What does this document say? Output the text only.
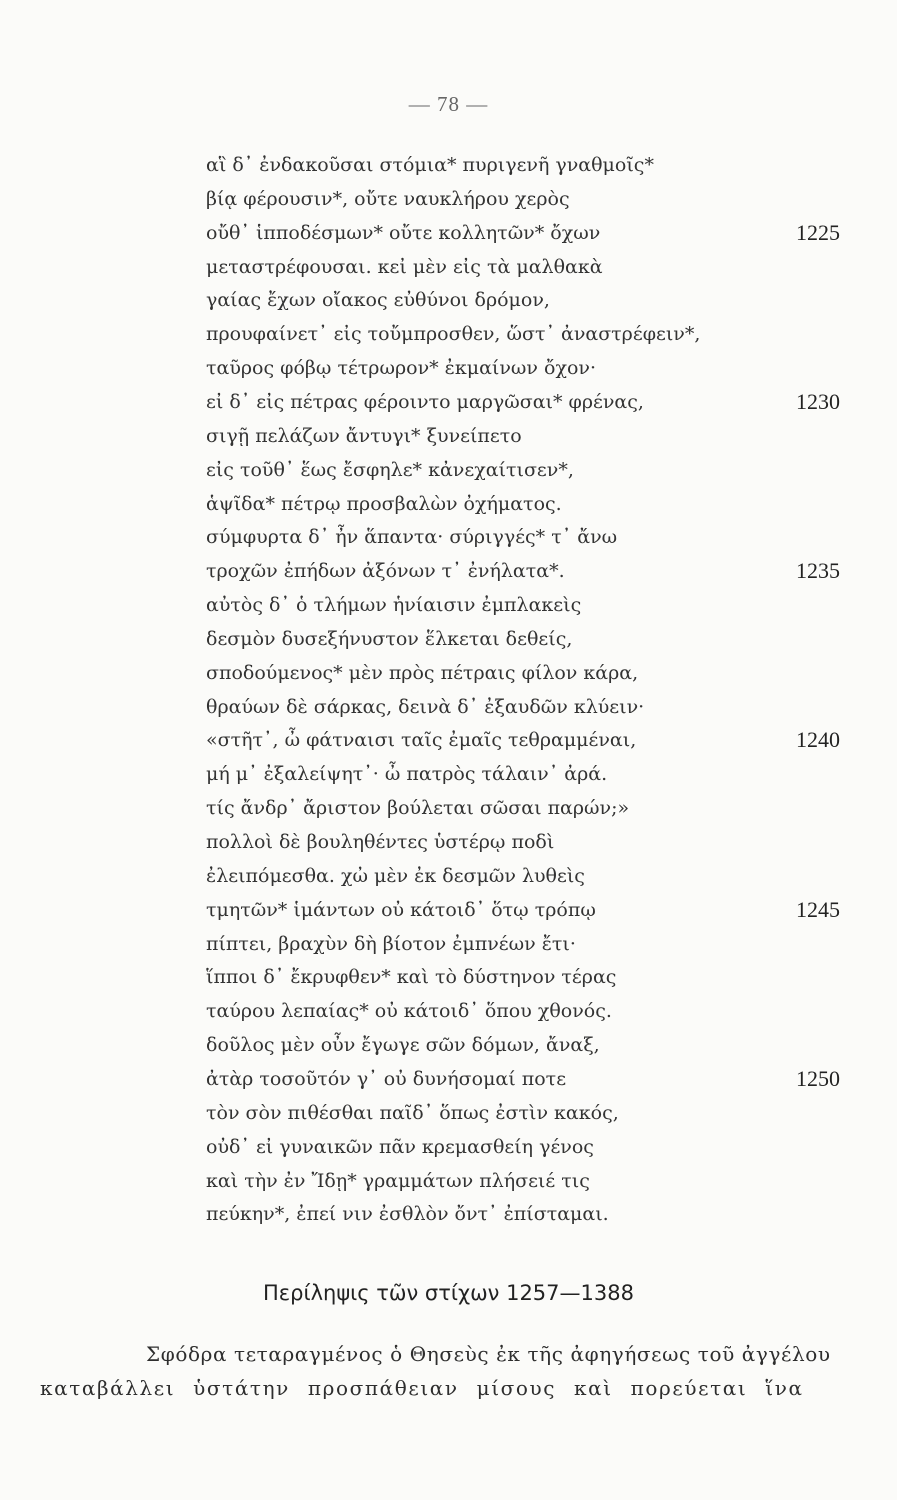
— 78 —
αἳ δ᾽ ἐνδακοῦσαι στόμια* πυριγενῆ γναθμοῖς*
βίᾳ φέρουσιν*, οὔτε ναυκλήρου χερὸς
οὔθ᾽ ἱπποδέσμων* οὔτε κολλητῶν* ὄχων
μεταστρέφουσαι. κεἰ μὲν εἰς τὰ μαλθακὰ
γαίας ἔχων οἴακος εὐθύνοι δρόμον,
προυφαίνετ᾽ εἰς τοὔμπροσθεν, ὥστ᾽ ἀναστρέφειν*,
ταῦρος φόβῳ τέτρωρον* ἐκμαίνων ὄχον·
εἰ δ᾽ εἰς πέτρας φέροιντο μαργῶσαι* φρένας,
σιγῇ πελάζων ἄντυγι* ξυνείπετο
εἰς τοῦθ᾽ ἕως ἔσφηλε* κἀνεχαίτισεν*,
ἁψῖδα* πέτρῳ προσβαλὼν ὀχήματος.
σύμφυρτα δ᾽ ἦν ἅπαντα· σύριγγές* τ᾽ ἄνω
τροχῶν ἐπήδων ἀξόνων τ᾽ ἐνήλατα*.
αὐτὸς δ᾽ ὁ τλήμων ἡνίαισιν ἐμπλακεὶς
δεσμὸν δυσεξήνυστον ἕλκεται δεθείς,
σποδούμενος* μὲν πρὸς πέτραις φίλον κάρα,
θραύων δὲ σάρκας, δεινὰ δ᾽ ἐξαυδῶν κλύειν·
«στῆτ᾽, ὦ φάτναισι ταῖς ἐμαῖς τεθραμμέναι,
μή μ᾽ ἐξαλείψητ᾽· ὦ πατρὸς τάλαιν᾽ ἀρά.
τίς ἄνδρ᾽ ἄριστον βούλεται σῶσαι παρών;»
πολλοὶ δὲ βουληθέντες ὑστέρῳ ποδὶ
ἐλειπόμεσθα. χὠ μὲν ἐκ δεσμῶν λυθεὶς
τμητῶν* ἱμάντων οὐ κάτοιδ᾽ ὅτῳ τρόπῳ
πίπτει, βραχὺν δὴ βίοτον ἐμπνέων ἔτι·
ἵπποι δ᾽ ἔκρυφθεν* καὶ τὸ δύστηνον τέρας
ταύρου λεπαίας* οὐ κάτοιδ᾽ ὅπου χθονός.
δοῦλος μὲν οὖν ἔγωγε σῶν δόμων, ἄναξ,
ἀτὰρ τοσοῦτόν γ᾽ οὐ δυνήσομαί ποτε
τὸν σὸν πιθέσθαι παῖδ᾽ ὅπως ἐστὶν κακός,
οὐδ᾽ εἰ γυναικῶν πᾶν κρεμασθείη γένος
καὶ τὴν ἐν Ἴδῃ* γραμμάτων πλήσειέ τις
πεύκην*, ἐπεί νιν ἐσθλὸν ὄντ᾽ ἐπίσταμαι.
1225
1230
1235
1240
1245
1250
Περίληψις τῶν στίχων 1257—1388
Σφόδρα τεταραγμένος ὁ Θησεὺς ἐκ τῆς ἀφηγήσεως τοῦ ἀγγέλου
καταβάλλει ὑστάτην προσπάθειαν μίσους καὶ πορεύεται ἵνα
